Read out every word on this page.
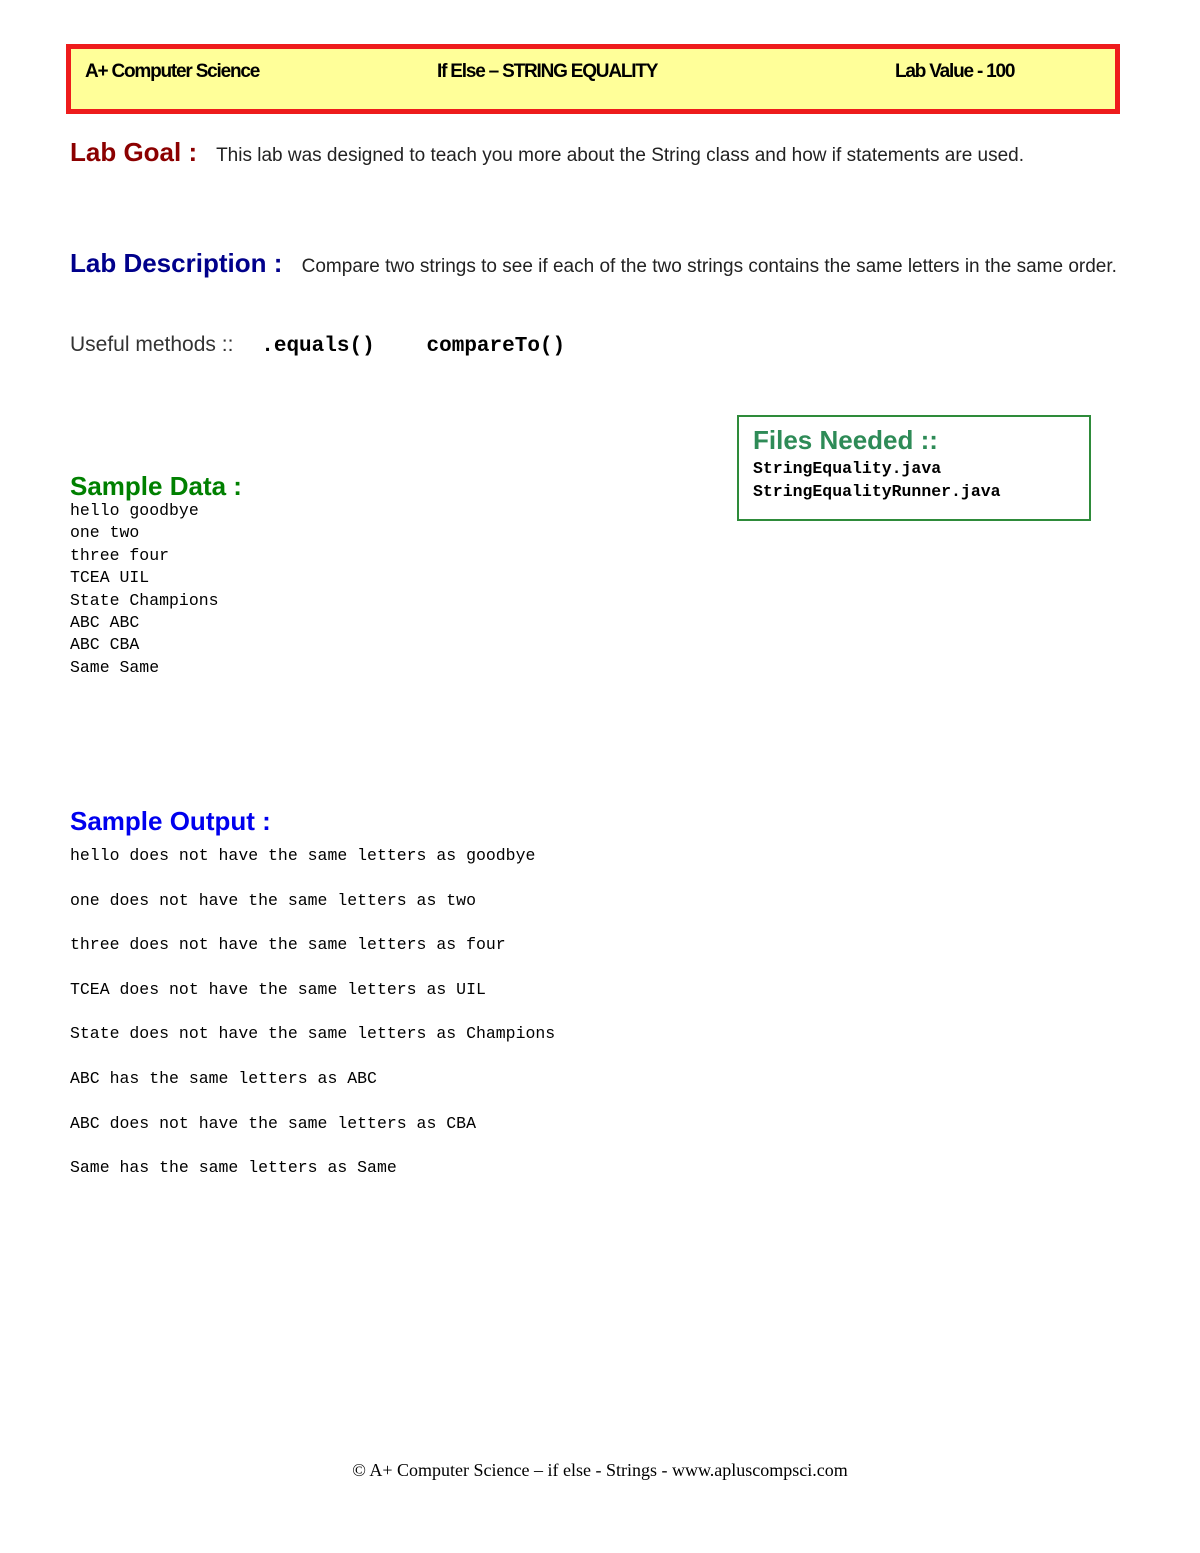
A+ Computer Science	If Else – STRING EQUALITY	Lab Value - 100
Lab Goal : This lab was designed to teach you more about the String class and how if statements are used.
Lab Description : Compare two strings to see if each of the two strings contains the same letters in the same order.
Useful methods :: .equals() compareTo()
Files Needed ::
StringEquality.java
StringEqualityRunner.java
Sample Data :
hello goodbye
one two
three four
TCEA UIL
State Champions
ABC ABC
ABC CBA
Same Same
Sample Output :
hello does not have the same letters as goodbye
one does not have the same letters as two
three does not have the same letters as four
TCEA does not have the same letters as UIL
State does not have the same letters as Champions
ABC has the same letters as ABC
ABC does not have the same letters as CBA
Same has the same letters as Same
© A+ Computer Science – if else - Strings - www.apluscompsci.com
